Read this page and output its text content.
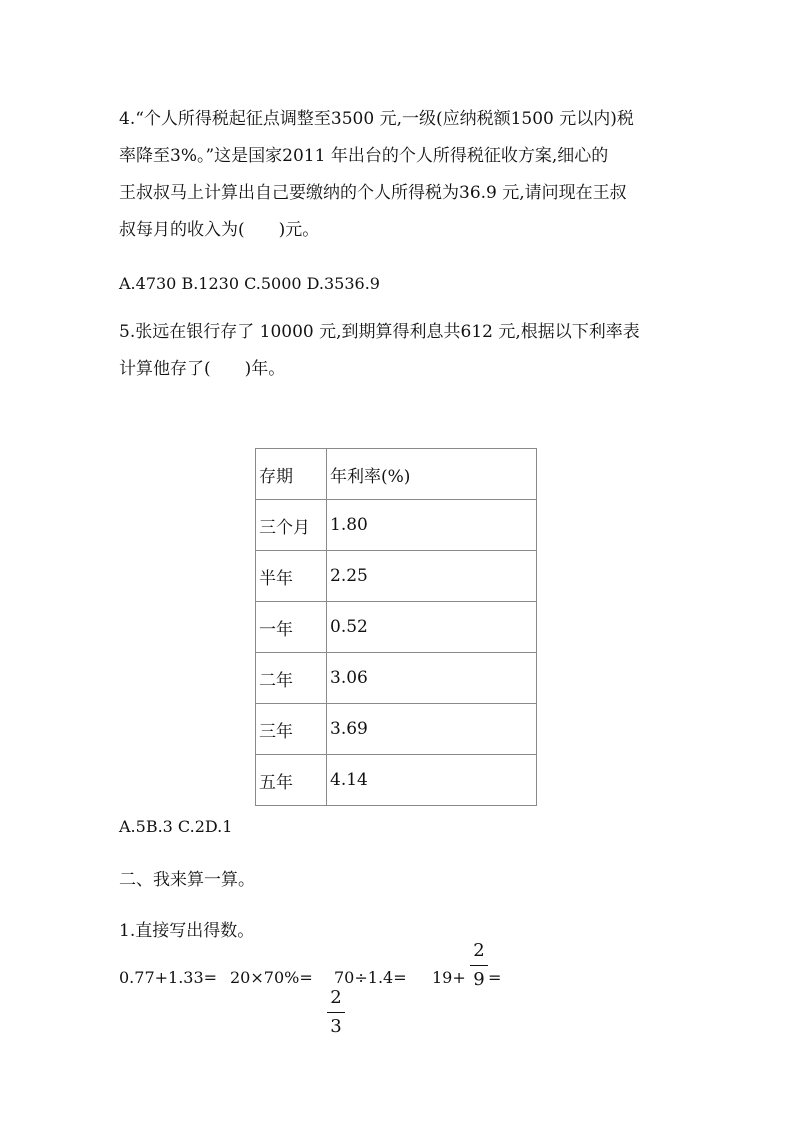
4.“个人所得税起征点调整至3500 元,一级(应纳税额1500 元以内)税
率降至3%。”这是国家2011 年出台的个人所得税征收方案,细心的
王叔叔马上计算出自己要缴纳的个人所得税为36.9 元,请问现在王叔
叔每月的收入为(　　)元。
A.4730 B.1230 C.5000 D.3536.9
5.张远在银行存了 10000 元,到期算得利息共612 元,根据以下利率表
计算他存了(　　)年。
存期	年利率(%)
三个月	1.80
半年	2.25
一年	0.52
二年	3.06
三年	3.69
五年	4.14
A.5B.3 C.2D.1
二、我来算一算。
1.直接写出得数。
0.77+1.33= 20×70%= 70÷1.4= 19+ =
2
9
2
3
